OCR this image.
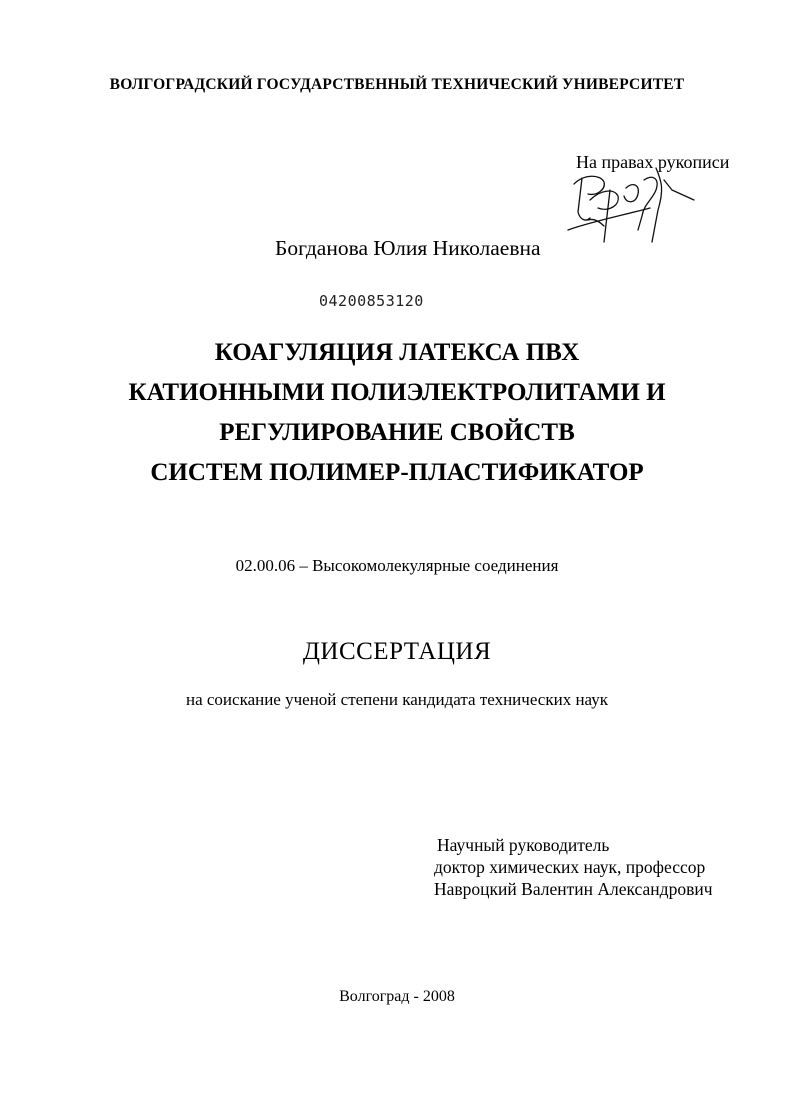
ВОЛГОГРАДСКИЙ ГОСУДАРСТВЕННЫЙ ТЕХНИЧЕСКИЙ УНИВЕРСИТЕТ
На правах рукописи
Богданова Юлия Николаевна
04200853120
КОАГУЛЯЦИЯ ЛАТЕКСА ПВХ
КАТИОННЫМИ ПОЛИЭЛЕКТРОЛИТАМИ И
РЕГУЛИРОВАНИЕ СВОЙСТВ
СИСТЕМ ПОЛИМЕР-ПЛАСТИФИКАТОР
02.00.06 – Высокомолекулярные соединения
ДИССЕРТАЦИЯ
на соискание ученой степени кандидата технических наук
Научный руководитель
доктор химических наук, профессор
Навроцкий Валентин Александрович
Волгоград - 2008
